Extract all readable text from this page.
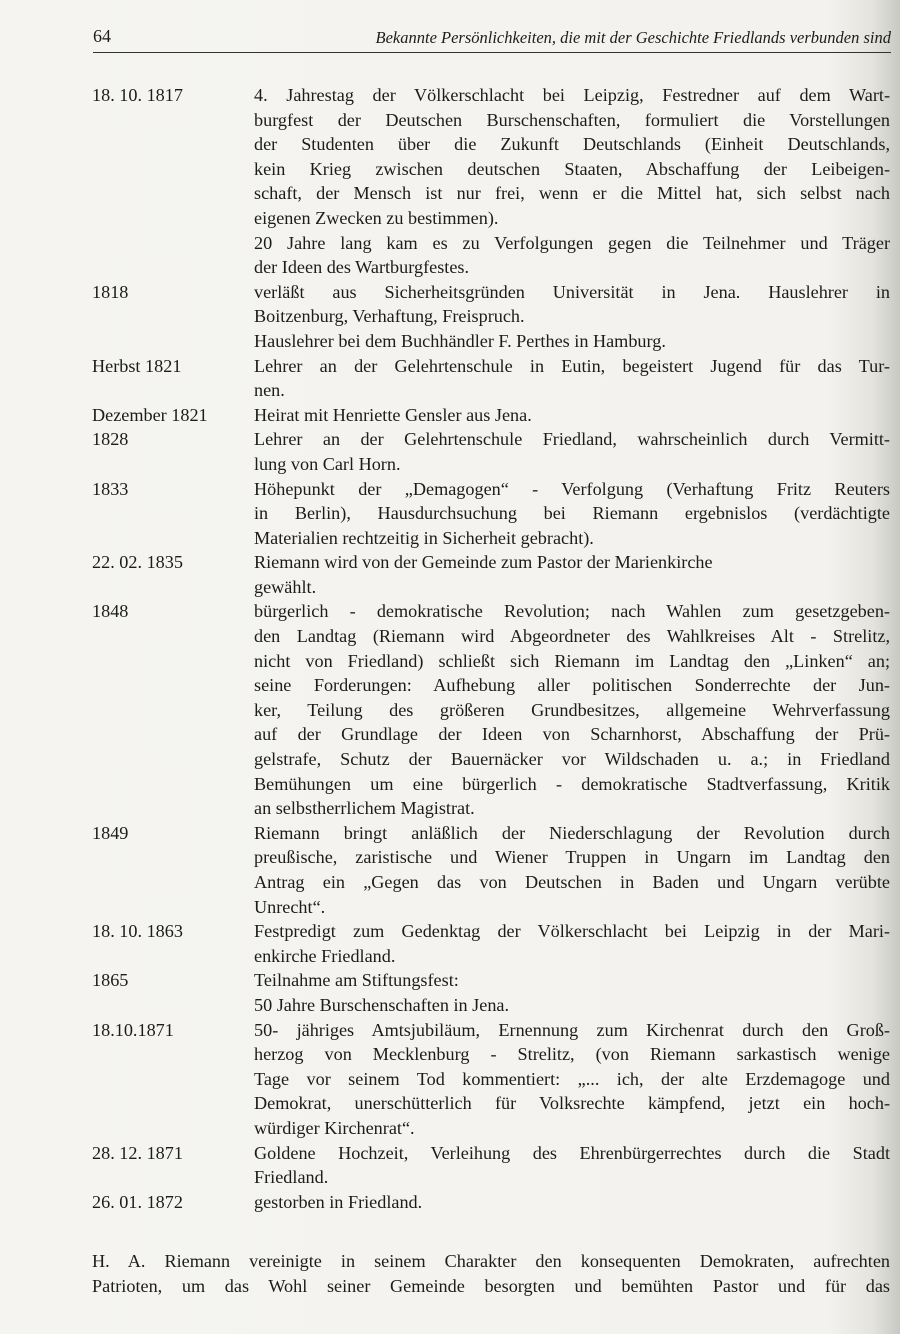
64	Bekannte Persönlichkeiten, die mit der Geschichte Friedlands verbunden sind
18. 10. 1817	4. Jahrestag der Völkerschlacht bei Leipzig, Festredner auf dem Wart-
burgfest der Deutschen Burschenschaften, formuliert die Vorstellungen
der Studenten über die Zukunft Deutschlands (Einheit Deutschlands,
kein Krieg zwischen deutschen Staaten, Abschaffung der Leibeigen-
schaft, der Mensch ist nur frei, wenn er die Mittel hat, sich selbst nach
eigenen Zwecken zu bestimmen).
20 Jahre lang kam es zu Verfolgungen gegen die Teilnehmer und Träger
der Ideen des Wartburgfestes.
1818	verläßt aus Sicherheitsgründen Universität in Jena. Hauslehrer in
Boitzenburg, Verhaftung, Freispruch.
Hauslehrer bei dem Buchhändler F. Perthes in Hamburg.
Herbst 1821	Lehrer an der Gelehrtenschule in Eutin, begeistert Jugend für das Tur-
nen.
Dezember 1821	Heirat mit Henriette Gensler aus Jena.
1828	Lehrer an der Gelehrtenschule Friedland, wahrscheinlich durch Vermitt-
lung von Carl Horn.
1833	Höhepunkt der „Demagogen“ - Verfolgung (Verhaftung Fritz Reuters
in Berlin), Hausdurchsuchung bei Riemann ergebnislos (verdächtigte
Materialien rechtzeitig in Sicherheit gebracht).
22. 02. 1835	Riemann wird von der Gemeinde zum Pastor der Marienkirche
gewählt.
1848	bürgerlich - demokratische Revolution; nach Wahlen zum gesetzgeben-
den Landtag (Riemann wird Abgeordneter des Wahlkreises Alt - Strelitz,
nicht von Friedland) schließt sich Riemann im Landtag den „Linken“ an;
seine Forderungen: Aufhebung aller politischen Sonderrechte der Jun-
ker, Teilung des größeren Grundbesitzes, allgemeine Wehrverfassung
auf der Grundlage der Ideen von Scharnhorst, Abschaffung der Prü-
gelstrafe, Schutz der Bauernäcker vor Wildschaden u. a.; in Friedland
Bemühungen um eine bürgerlich - demokratische Stadtverfassung, Kritik
an selbstherrlichem Magistrat.
1849	Riemann bringt anläßlich der Niederschlagung der Revolution durch
preußische, zaristische und Wiener Truppen in Ungarn im Landtag den
Antrag ein „Gegen das von Deutschen in Baden und Ungarn verübte
Unrecht“.
18. 10. 1863	Festpredigt zum Gedenktag der Völkerschlacht bei Leipzig in der Mari-
enkirche Friedland.
1865	Teilnahme am Stiftungsfest:
50 Jahre Burschenschaften in Jena.
18.10.1871	50- jähriges Amtsjubiläum, Ernennung zum Kirchenrat durch den Groß-
herzog von Mecklenburg - Strelitz, (von Riemann sarkastisch wenige
Tage vor seinem Tod kommentiert: „... ich, der alte Erzdemagoge und
Demokrat, unerschütterlich für Volksrechte kämpfend, jetzt ein hoch-
würdiger Kirchenrat“.
28. 12. 1871	Goldene Hochzeit, Verleihung des Ehrenbürgerrechtes durch die Stadt
Friedland.
26. 01. 1872	gestorben in Friedland.
H. A. Riemann vereinigte in seinem Charakter den konsequenten Demokraten, aufrechten
Patrioten, um das Wohl seiner Gemeinde besorgten und bemühten Pastor und für das
